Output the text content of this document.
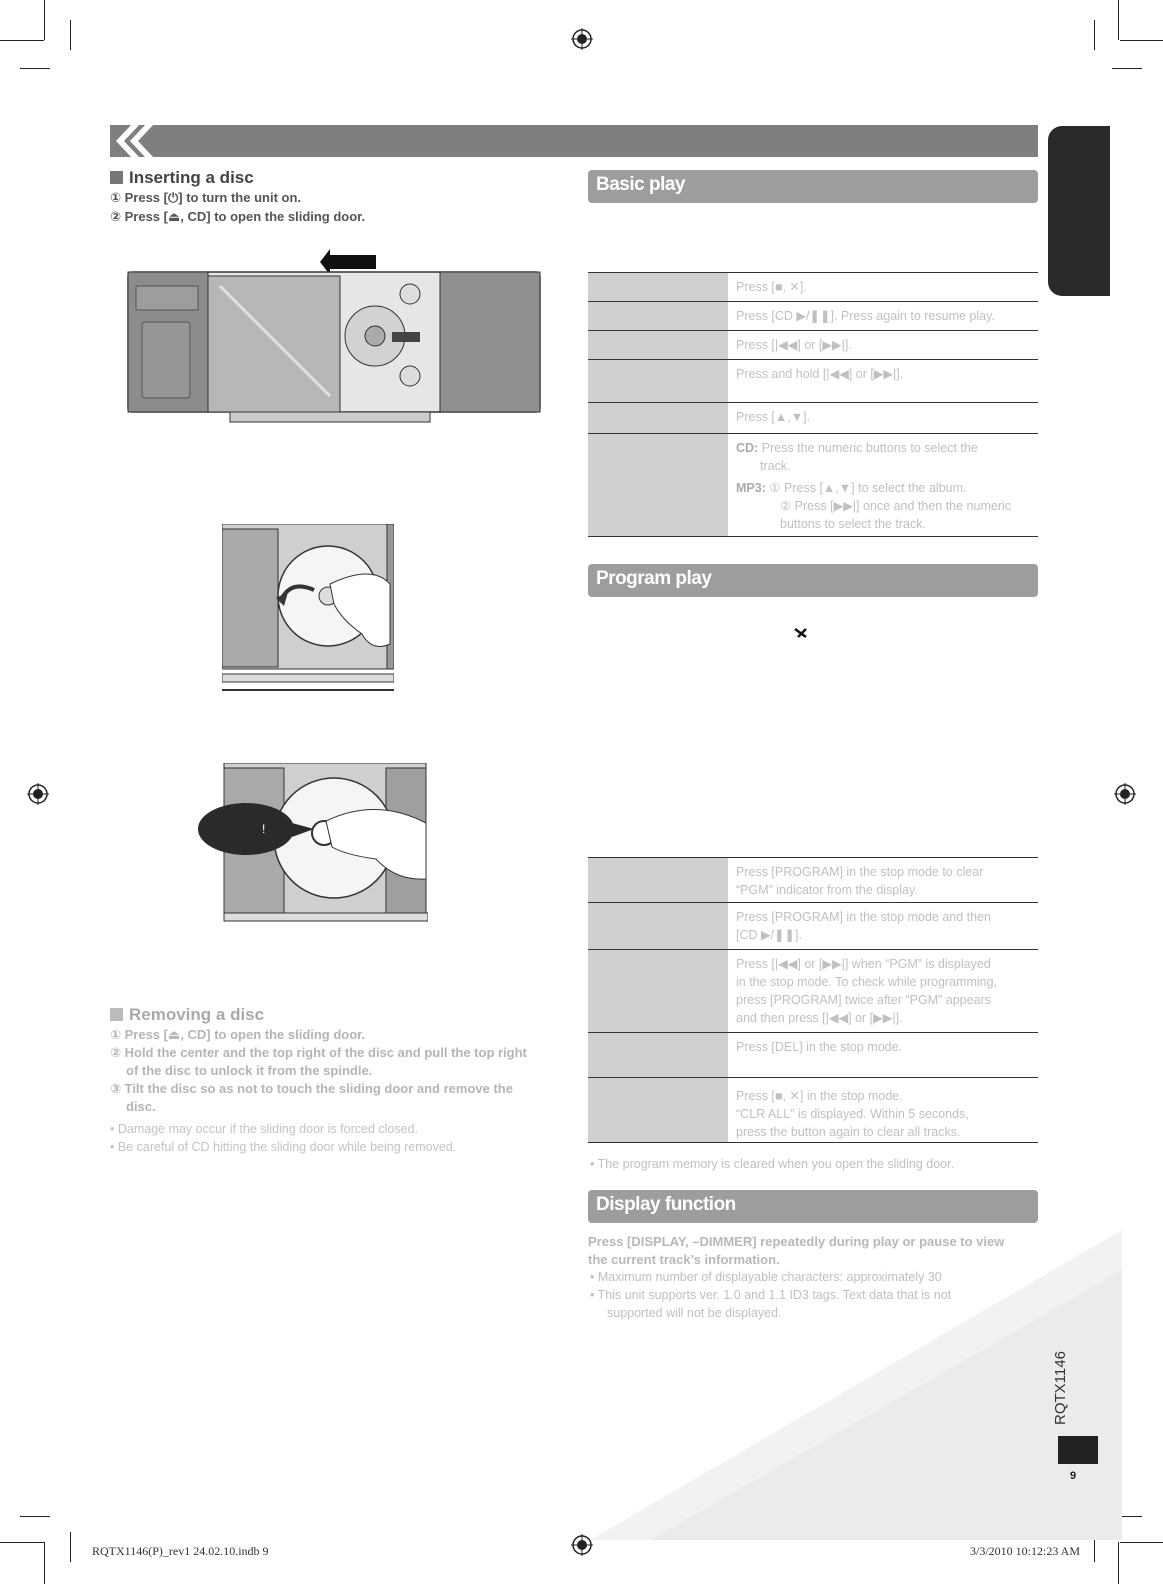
Inserting a disc
① Press [⏻] to turn the unit on.
② Press [⏏, CD] to open the sliding door.
!
Removing a disc
① Press [⏏, CD] to open the sliding door.
② Hold the center and the top right of the disc and pull the top right
of the disc to unlock it from the spindle.
③ Tilt the disc so as not to touch the sliding door and remove the
disc.
• Damage may occur if the sliding door is forced closed.
• Be careful of CD hitting the sliding door while being removed.
Basic play
Press [■, ✕].
Press [CD ▶/❚❚]. Press again to resume play.
Press [|◀◀] or [▶▶|].
Press and hold [|◀◀] or [▶▶|].
Press [▲,▼].
CD: Press the numeric buttons to select the

track.
MP3: ① Press [▲,▼] to select the album.
② Press [▶▶|] once and then the numeric
buttons to select the track.
Program play
Press [PROGRAM] in the stop mode to clear
“PGM” indicator from the display.
Press [PROGRAM] in the stop mode and then
[CD ▶/❚❚].
Press [|◀◀] or [▶▶|] when “PGM” is displayed
in the stop mode. To check while programming,
press [PROGRAM] twice after “PGM” appears
and then press [|◀◀] or [▶▶|].
Press [DEL] in the stop mode.
Press [■, ✕] in the stop mode.
“CLR ALL” is displayed. Within 5 seconds,
press the button again to clear all tracks.
• The program memory is cleared when you open the sliding door.
Display function
Press [DISPLAY, –DIMMER] repeatedly during play or pause to view
the current track’s information.
• Maximum number of displayable characters: approximately 30
• This unit supports ver. 1.0 and 1.1 ID3 tags. Text data that is not
supported will not be displayed.
RQTX1146
9
RQTX1146(P)_rev1 24.02.10.indb 9	3/3/2010 10:12:23 AM
